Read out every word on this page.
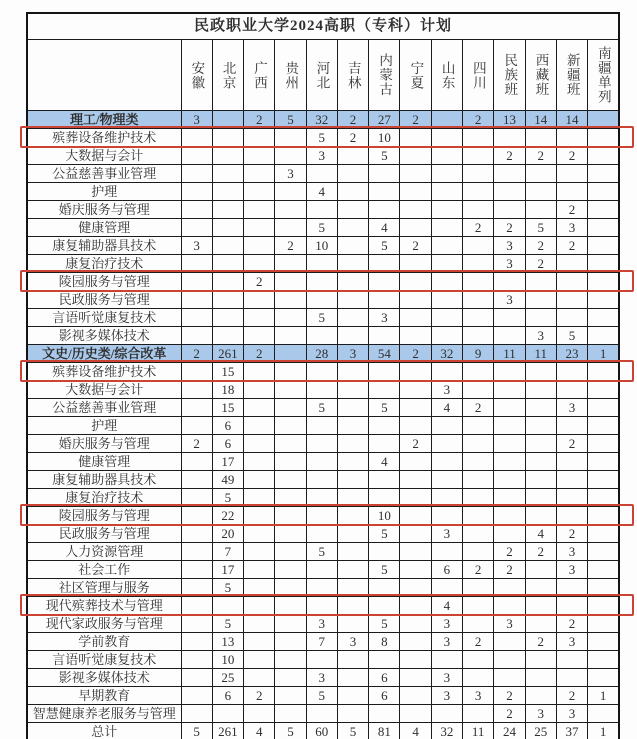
民政职业大学2024高职（专科）计划														

	安徽	北京	广西	贵州	河北	吉林	内蒙古	宁夏	山东	四川	民族班	西藏班	新疆班	南疆单列

理工/物理类	3		2	5	32	2	27	2		2	13	14	14	
殡葬设备维护技术					5	2	10							
大数据与会计					3		5				2	2	2	
公益慈善事业管理				3										
护理					4									
婚庆服务与管理													2	
健康管理					5		4			2	2	5	3	
康复辅助器具技术	3			2	10		5	2			3	2	2	
康复治疗技术											3	2		
陵园服务与管理			2											
民政服务与管理											3			
言语听觉康复技术					5		3							
影视多媒体技术												3	5	
文史/历史类/综合改革	2	261	2		28	3	54	2	32	9	11	11	23	1
殡葬设备维护技术		15												
大数据与会计		18							3					
公益慈善事业管理		15			5		5		4	2			3	
护理		6												
婚庆服务与管理	2	6						2					2	
健康管理		17					4							
康复辅助器具技术		49												
康复治疗技术		5												
陵园服务与管理		22					10							
民政服务与管理		20					5		3			4	2	
人力资源管理		7			5						2	2	3	
社会工作		17					5		6	2	2		3	
社区管理与服务		5												
现代殡葬技术与管理									4					
现代家政服务与管理		5			3		5		3		3		2	
学前教育		13			7	3	8		3	2		2	3	
言语听觉康复技术		10												
影视多媒体技术		25			3		6		3					
早期教育		6	2		5		6		3	3	2		2	1
智慧健康养老服务与管理											2	3	3	
总计	5	261	4	5	60	5	81	4	32	11	24	25	37	1
